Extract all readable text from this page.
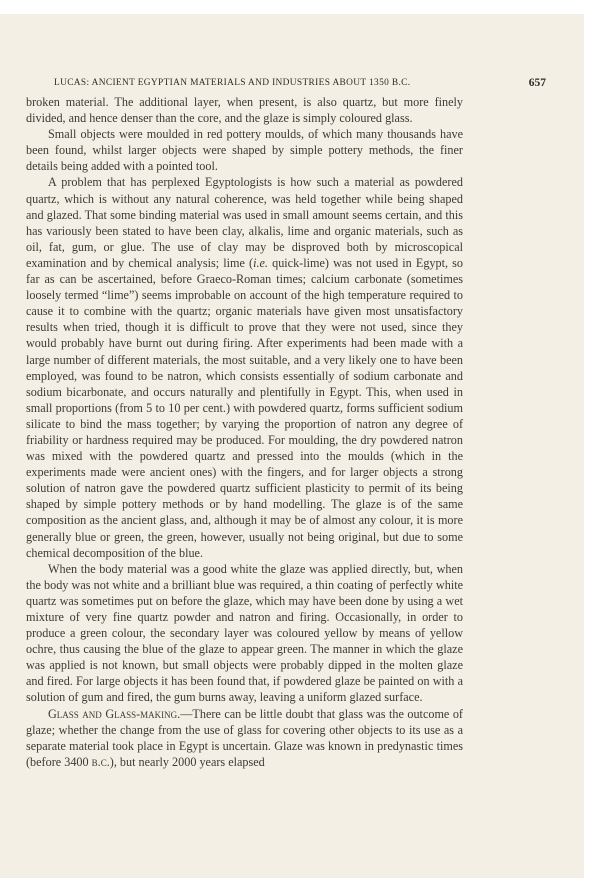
LUCAS: ANCIENT EGYPTIAN MATERIALS AND INDUSTRIES ABOUT 1350 B.C.	657

broken material. The additional layer, when present, is also quartz, but more finely divided, and hence denser than the core, and the glaze is simply coloured glass.

Small objects were moulded in red pottery moulds, of which many thousands have been found, whilst larger objects were shaped by simple pottery methods, the finer details being added with a pointed tool.

A problem that has perplexed Egyptologists is how such a material as powdered quartz, which is without any natural coherence, was held together while being shaped and glazed. That some binding material was used in small amount seems certain, and this has variously been stated to have been clay, alkalis, lime and organic materials, such as oil, fat, gum, or glue. The use of clay may be disproved both by microscopical examination and by chemical analysis; lime (i.e. quick-lime) was not used in Egypt, so far as can be ascertained, before Graeco-Roman times; calcium carbonate (sometimes loosely termed “lime”) seems improbable on account of the high temperature required to cause it to combine with the quartz; organic materials have given most unsatisfactory results when tried, though it is difficult to prove that they were not used, since they would probably have burnt out during firing. After experiments had been made with a large number of different materials, the most suitable, and a very likely one to have been employed, was found to be natron, which consists essentially of sodium carbonate and sodium bicarbonate, and occurs naturally and plentifully in Egypt. This, when used in small proportions (from 5 to 10 per cent.) with powdered quartz, forms sufficient sodium silicate to bind the mass together; by varying the proportion of natron any degree of friability or hardness required may be produced. For moulding, the dry powdered natron was mixed with the powdered quartz and pressed into the moulds (which in the experiments made were ancient ones) with the fingers, and for larger objects a strong solution of natron gave the powdered quartz sufficient plasticity to permit of its being shaped by simple pottery methods or by hand modelling. The glaze is of the same composition as the ancient glass, and, although it may be of almost any colour, it is more generally blue or green, the green, however, usually not being original, but due to some chemical decomposition of the blue.

When the body material was a good white the glaze was applied directly, but, when the body was not white and a brilliant blue was required, a thin coating of perfectly white quartz was sometimes put on before the glaze, which may have been done by using a wet mixture of very fine quartz powder and natron and firing. Occasionally, in order to produce a green colour, the secondary layer was coloured yellow by means of yellow ochre, thus causing the blue of the glaze to appear green. The manner in which the glaze was applied is not known, but small objects were probably dipped in the molten glaze and fired. For large objects it has been found that, if powdered glaze be painted on with a solution of gum and fired, the gum burns away, leaving a uniform glazed surface.

Glass and Glass-making.—There can be little doubt that glass was the outcome of glaze; whether the change from the use of glass for covering other objects to its use as a separate material took place in Egypt is uncertain. Glaze was known in predynastic times (before 3400 b.c.), but nearly 2000 years elapsed
